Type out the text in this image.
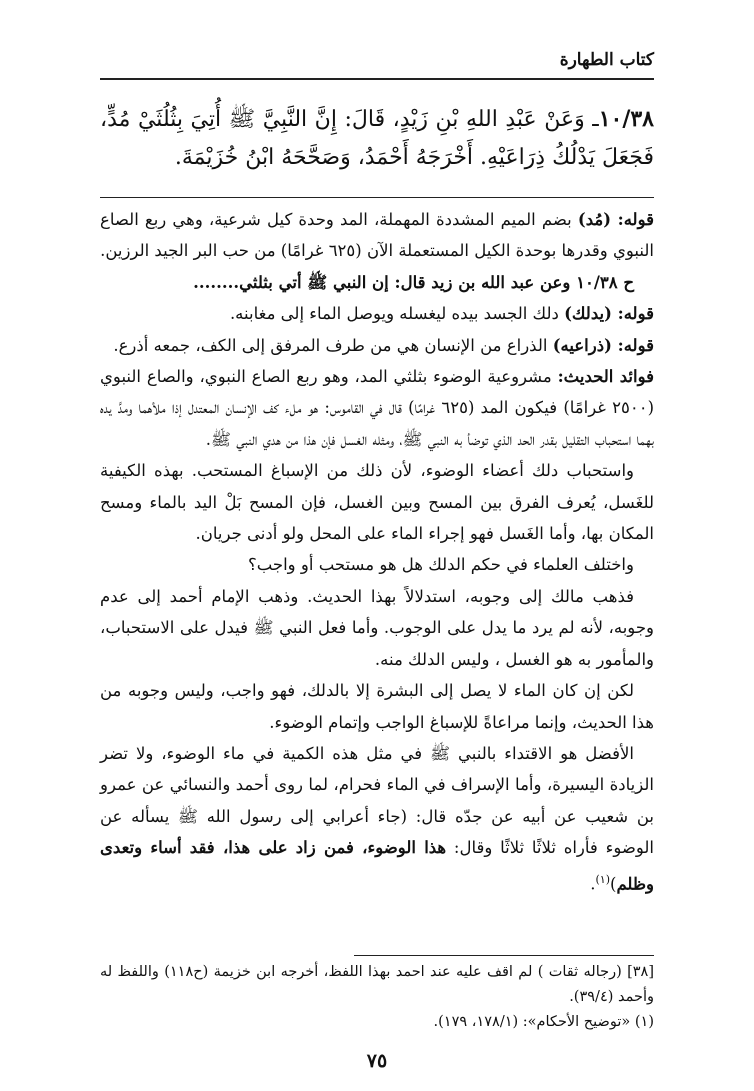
كتاب الطهارة
١٠/٣٨ـ وَعَنْ عَبْدِ اللهِ بْنِ زَيْدٍ، قَالَ: إِنَّ النَّبِيَّ ﷺ أُتِيَ بِثُلُثَيْ مُدٍّ، فَجَعَلَ يَدْلُكُ ذِرَاعَيْهِ. أَخْرَجَهُ أَحْمَدُ، وَصَحَّحَهُ ابْنُ خُزَيْمَةَ.

قوله: (مُد) بضم الميم المشددة المهملة، المد وحدة كيل شرعية، وهي ربع الصاع النبوي وقدرها بوحدة الكيل المستعملة الآن (٦٢٥ غرامًا) من حب البر الجيد الرزين.

ح ١٠/٣٨ وعن عبد الله بن زيد قال: إن النبي ﷺ أتي بثلثي........

قوله: (يدلك) دلك الجسد بيده ليغسله ويوصل الماء إلى مغابنه.

قوله: (ذراعيه) الذراع من الإنسان هي من طرف المرفق إلى الكف، جمعه أذرع.

فوائد الحديث: مشروعية الوضوء بثلثي المد، وهو ربع الصاع النبوي، والصاع النبوي (٢٥٠٠ غرامًا) فيكون المد (٦٢٥ غرامًا) قال في القاموس: هو ملء كف الإنسان المعتدل إذا ملأهما ومدَّ يده بهما استحباب التقليل بقدر الحد الذي توضأ به النبي ﷺ، ومثله الغسل فإن هذا من هدي النبي ﷺ.

واستحباب دلك أعضاء الوضوء، لأن ذلك من الإسباغ المستحب. بهذه الكيفية للغَسل، يُعرف الفرق بين المسح وبين الغسل، فإن المسح بَلْ اليد بالماء ومسح المكان بها، وأما الغَسل فهو إجراء الماء على المحل ولو أدنى جريان.

واختلف العلماء في حكم الدلك هل هو مستحب أو واجب؟

فذهب مالك إلى وجوبه، استدلالاً بهذا الحديث. وذهب الإمام أحمد إلى عدم وجوبه، لأنه لم يرد ما يدل على الوجوب. وأما فعل النبي ﷺ فيدل على الاستحباب، والمأمور به هو الغسل ، وليس الدلك منه.

لكن إن كان الماء لا يصل إلى البشرة إلا بالدلك، فهو واجب، وليس وجوبه من هذا الحديث، وإنما مراعاةً للإسباغ الواجب وإتمام الوضوء.

الأفضل هو الاقتداء بالنبي ﷺ في مثل هذه الكمية في ماء الوضوء، ولا تضر الزيادة اليسيرة، وأما الإسراف في الماء فحرام، لما روى أحمد والنسائي عن عمرو بن شعيب عن أبيه عن جدّه قال: (جاء أعرابي إلى رسول الله ﷺ يسأله عن الوضوء فأراه ثلاثًا ثلاثًا وقال: هذا الوضوء، فمن زاد على هذا، فقد أساء وتعدى وظلم)$^{(١)}$.

[٣٨] (رجاله ثقات ) لم اقف عليه عند احمد بهذا اللفظ، أخرجه ابن خزيمة (ح١١٨) واللفظ له وأحمد (٣٩/٤).

(١) «توضيح الأحكام»: (١٧٨/١، ١٧٩).

٧٥
